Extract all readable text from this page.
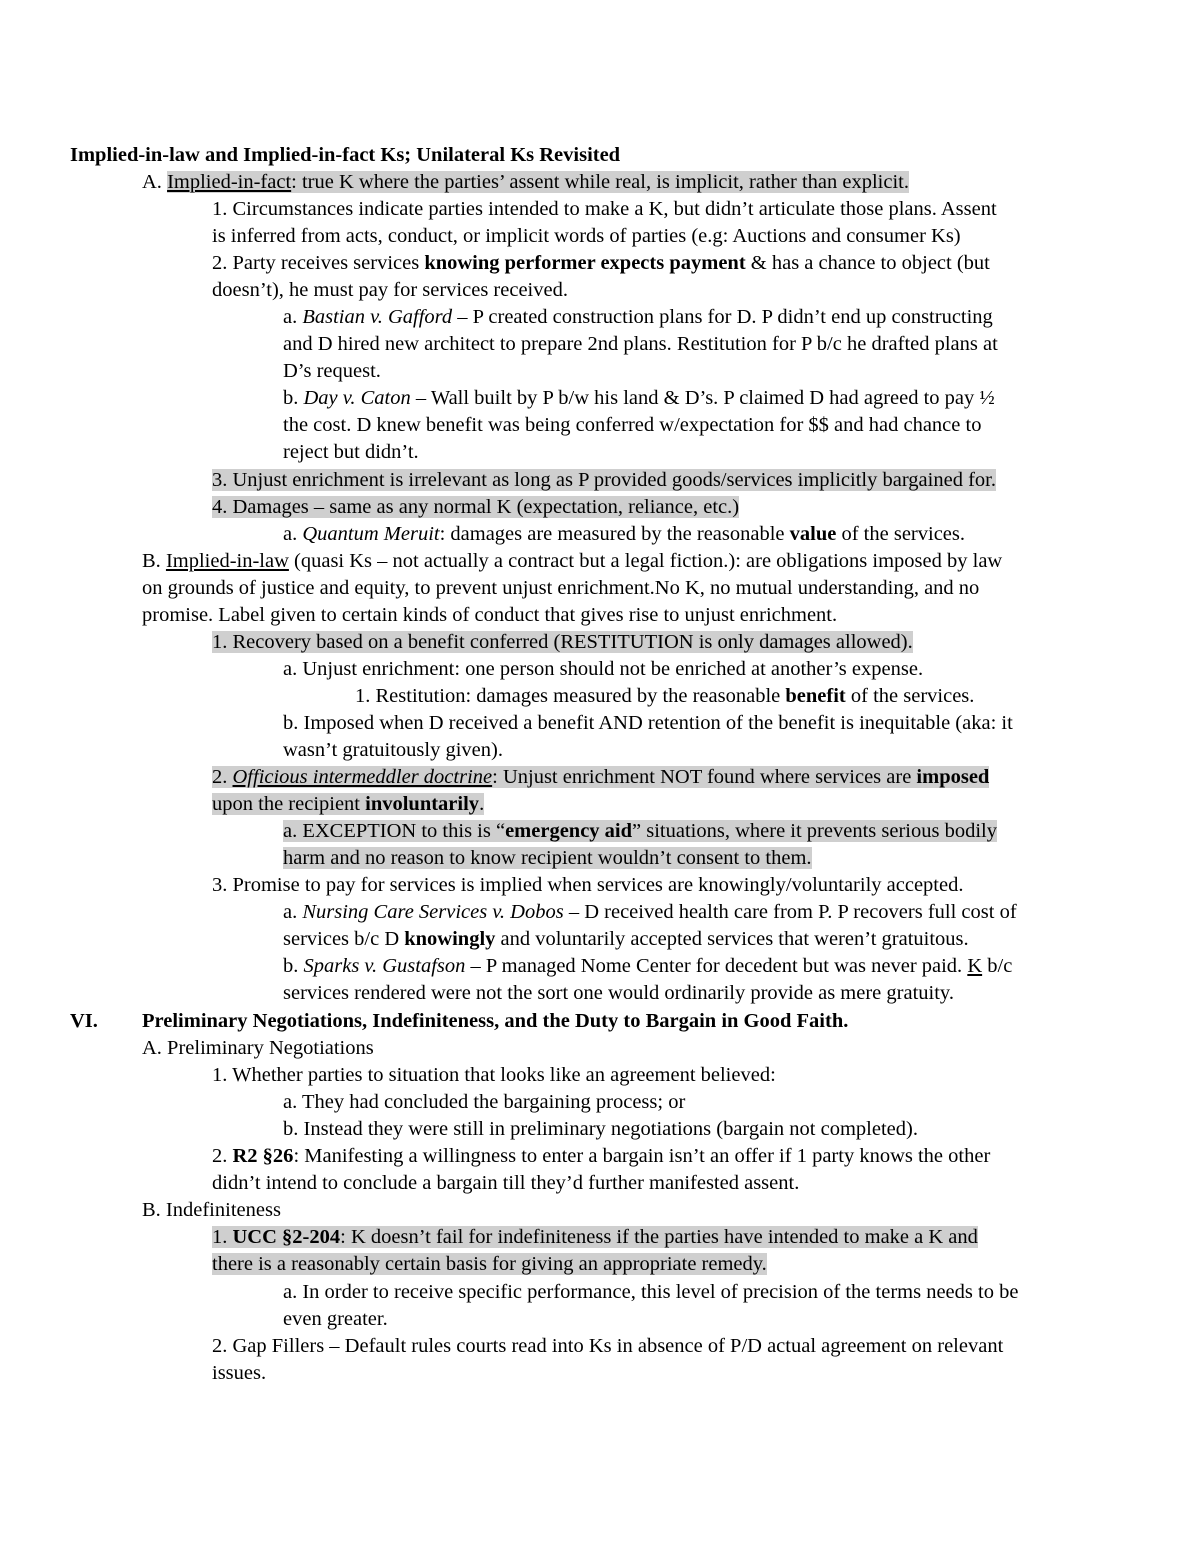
Implied-in-law and Implied-in-fact Ks; Unilateral Ks Revisited
A. Implied-in-fact: true K where the parties’ assent while real, is implicit, rather than explicit.
1. Circumstances indicate parties intended to make a K, but didn’t articulate those plans. Assent
is inferred from acts, conduct, or implicit words of parties (e.g: Auctions and consumer Ks)
2. Party receives services knowing performer expects payment & has a chance to object (but
doesn’t), he must pay for services received.
a. Bastian v. Gafford – P created construction plans for D. P didn’t end up constructing
and D hired new architect to prepare 2nd plans. Restitution for P b/c he drafted plans at
D’s request.
b. Day v. Caton – Wall built by P b/w his land & D’s. P claimed D had agreed to pay ½
the cost. D knew benefit was being conferred w/expectation for $$ and had chance to
reject but didn’t.
3. Unjust enrichment is irrelevant as long as P provided goods/services implicitly bargained for.
4. Damages – same as any normal K (expectation, reliance, etc.)
a. Quantum Meruit: damages are measured by the reasonable value of the services.
B. Implied-in-law (quasi Ks – not actually a contract but a legal fiction.): are obligations imposed by law
on grounds of justice and equity, to prevent unjust enrichment.No K, no mutual understanding, and no
promise. Label given to certain kinds of conduct that gives rise to unjust enrichment.
1. Recovery based on a benefit conferred (RESTITUTION is only damages allowed).
a. Unjust enrichment: one person should not be enriched at another’s expense.
1. Restitution: damages measured by the reasonable benefit of the services.
b. Imposed when D received a benefit AND retention of the benefit is inequitable (aka: it
wasn’t gratuitously given).
2. Officious intermeddler doctrine: Unjust enrichment NOT found where services are imposed
upon the recipient involuntarily.
a. EXCEPTION to this is “emergency aid” situations, where it prevents serious bodily
harm and no reason to know recipient wouldn’t consent to them.
3. Promise to pay for services is implied when services are knowingly/voluntarily accepted.
a. Nursing Care Services v. Dobos – D received health care from P. P recovers full cost of
services b/c D knowingly and voluntarily accepted services that weren’t gratuitous.
b. Sparks v. Gustafson – P managed Nome Center for decedent but was never paid. K b/c
services rendered were not the sort one would ordinarily provide as mere gratuity.
VI. Preliminary Negotiations, Indefiniteness, and the Duty to Bargain in Good Faith.
A. Preliminary Negotiations
1. Whether parties to situation that looks like an agreement believed:
a. They had concluded the bargaining process; or
b. Instead they were still in preliminary negotiations (bargain not completed).
2. R2 §26: Manifesting a willingness to enter a bargain isn’t an offer if 1 party knows the other
didn’t intend to conclude a bargain till they’d further manifested assent.
B. Indefiniteness
1. UCC §2-204: K doesn’t fail for indefiniteness if the parties have intended to make a K and
there is a reasonably certain basis for giving an appropriate remedy.
a. In order to receive specific performance, this level of precision of the terms needs to be
even greater.
2. Gap Fillers – Default rules courts read into Ks in absence of P/D actual agreement on relevant
issues.
